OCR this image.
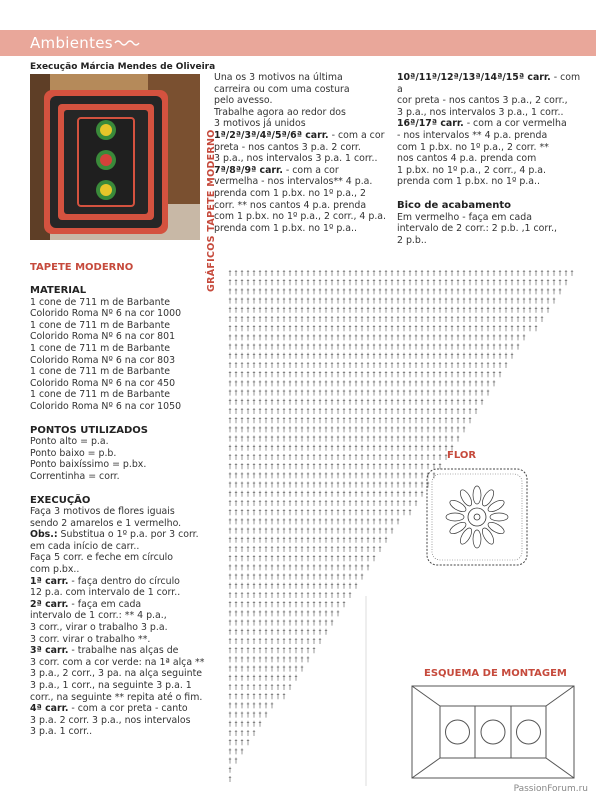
Ambientes
Execução Márcia Mendes de Oliveira

Una os 3 motivos na última

carreira ou com uma costura

pelo avesso.

Trabalhe agora ao redor dos

3 motivos já unidos

1ª/2ª/3ª/4ª/5ª/6ª carr. - com a cor

preta - nos cantos 3 p.a. 2 corr.

3 p.a., nos intervalos 3 p.a. 1 corr..

7ª/8ª/9ª carr. - com a cor

vermelha - nos intervalos** 4 p.a.

prenda com 1 p.bx. no 1º p.a., 2

corr. ** nos cantos 4 p.a. prenda

com 1 p.bx. no 1º p.a., 2 corr., 4 p.a.

prenda com 1 p.bx. no 1º p.a..

10ª/11ª/12ª/13ª/14ª/15ª carr. - com a

cor preta - nos cantos 3 p.a., 2 corr.,

3 p.a., nos intervalos 3 p.a., 1 corr..

16ª/17ª carr. - com a cor vermelha

- nos intervalos ** 4 p.a. prenda

com 1 p.bx. no 1º p.a., 2 corr. **

nos cantos 4 p.a. prenda com

1 p.bx. no 1º p.a., 2 corr., 4 p.a.

prenda com 1 p.bx. no 1º p.a..

Bico de acabamento

Em vermelho - faça em cada

intervalo de 2 corr.: 2 p.b. ,1 corr.,

2 p.b..

TAPETE MODERNO

MATERIAL

1 cone de 711 m de Barbante

Colorido Roma Nº 6 na cor 1000

1 cone de 711 m de Barbante

Colorido Roma Nº 6 na cor 801

1 cone de 711 m de Barbante

Colorido Roma Nº 6 na cor 803

1 cone de 711 m de Barbante

Colorido Roma Nº 6 na cor 450

1 cone de 711 m de Barbante

Colorido Roma Nº 6 na cor 1050

PONTOS UTILIZADOS

Ponto alto = p.a.

Ponto baixo = p.b.

Ponto baixíssimo = p.bx.

Correntinha = corr.

EXECUÇÃO

Faça 3 motivos de flores iguais

sendo 2 amarelos e 1 vermelho.

Obs.: Substitua o 1º p.a. por 3 corr.

em cada início de carr..

Faça 5 corr. e feche em círculo

com p.bx..

1ª carr. - faça dentro do círculo

12 p.a. com intervalo de 1 corr..

2ª carr. - faça em cada

intervalo de 1 corr.: ** 4 p.a.,

3 corr., virar o trabalho 3 p.a.

3 corr. virar o trabalho **.

3ª carr. - trabalhe nas alças de

3 corr. com a cor verde: na 1ª alça **

3 p.a., 2 corr., 3 pa. na alça seguinte

3 p.a., 1 corr., na seguinte 3 p.a. 1

corr., na seguinte ** repita até o fim.

4ª carr. - com a cor preta - canto

3 p.a. 2 corr. 3 p.a., nos intervalos

3 p.a. 1 corr..

GRÁFICOS TAPETE MODERNO
FLOR
ESQUEMA DE MONTAGEM
PassionForum.ru
